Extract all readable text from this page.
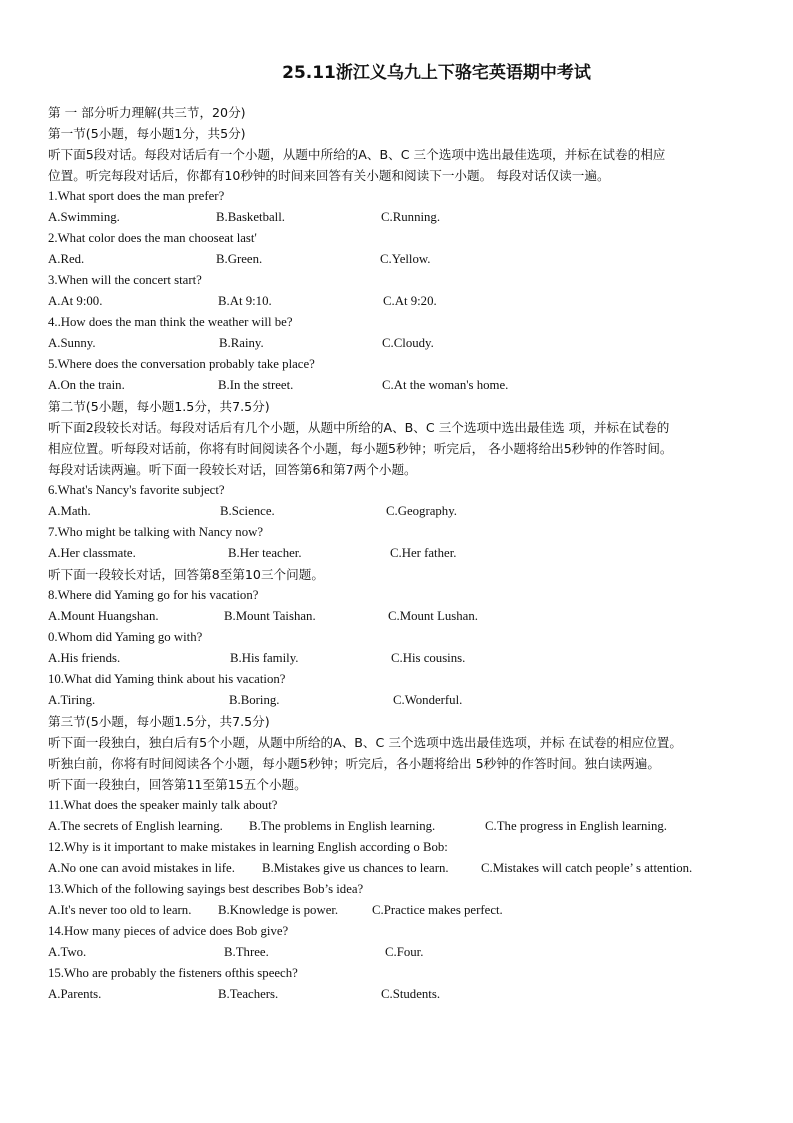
25.11浙江义乌九上下骆宅英语期中考试
第 一 部分听力理解(共三节，20分)
第一节(5小题，每小题1分，共5分)
听下面5段对话。每段对话后有一个小题，从题中所给的A、B、C 三个选项中选出最佳选项，并标在试卷的相应
位置。听完每段对话后，你都有10秒钟的时间来回答有关小题和阅读下一小题。 每段对话仅读一遍。
1.What sport does the man prefer?
A.Swimming.	B.Basketball.	C.Running.
2.What color does the man chooseat last'
A.Red.	B.Green.	C.Yellow.
3.When will the concert start?
A.At 9:00.	B.At 9:10.	C.At 9:20.
4..How does the man think the weather will be?
A.Sunny.	B.Rainy.	C.Cloudy.
5.Where does the conversation probably take place?
A.On the train.	B.In the street.	C.At the woman's home.
第二节(5小题，每小题1.5分，共7.5分)
听下面2段较长对话。每段对话后有几个小题，从题中所给的A、B、C 三个选项中选出最佳选 项，并标在试卷的
相应位置。听每段对话前，你将有时间阅读各个小题，每小题5秒钟；听完后， 各小题将给出5秒钟的作答时间。
每段对话读两遍。听下面一段较长对话，回答第6和第7两个小题。
6.What's Nancy's favorite subject?
A.Math.	B.Science.	C.Geography.
7.Who might be talking with Nancy now?
A.Her classmate.	B.Her teacher.	C.Her father.
听下面一段较长对话，回答第8至第10三个问题。
8.Where did Yaming go for his vacation?
A.Mount Huangshan.	B.Mount Taishan.	C.Mount Lushan.
0.Whom did Yaming go with?
A.His friends.	B.His family.	C.His cousins.
10.What did Yaming think about his vacation?
A.Tiring.	B.Boring.	C.Wonderful.
第三节(5小题，每小题1.5分，共7.5分)
听下面一段独白，独白后有5个小题，从题中所给的A、B、C 三个选项中选出最佳选项，并标 在试卷的相应位置。
听独白前，你将有时间阅读各个小题，每小题5秒钟；听完后，各小题将给出 5秒钟的作答时间。独白读两遍。
听下面一段独白，回答第11至第15五个小题。
11.What does the speaker mainly talk about?
A.The secrets of English learning. B.The problems in English learning.	C.The progress in English learning.
12.Why is it important to make mistakes in learning English according o Bob:
A.No one can avoid mistakes in life. B.Mistakes give us chances to learn.	C.Mistakes will catch people’ s attention.
13.Which of the following sayings best describes Bob’s idea?
A.It's never too old to learn. B.Knowledge is power.	C.Practice makes perfect.
14.How many pieces of advice does Bob give?
A.Two.	B.Three.	C.Four.
15.Who are probably the fisteners ofthis speech?
A.Parents.	B.Teachers.	C.Students.
